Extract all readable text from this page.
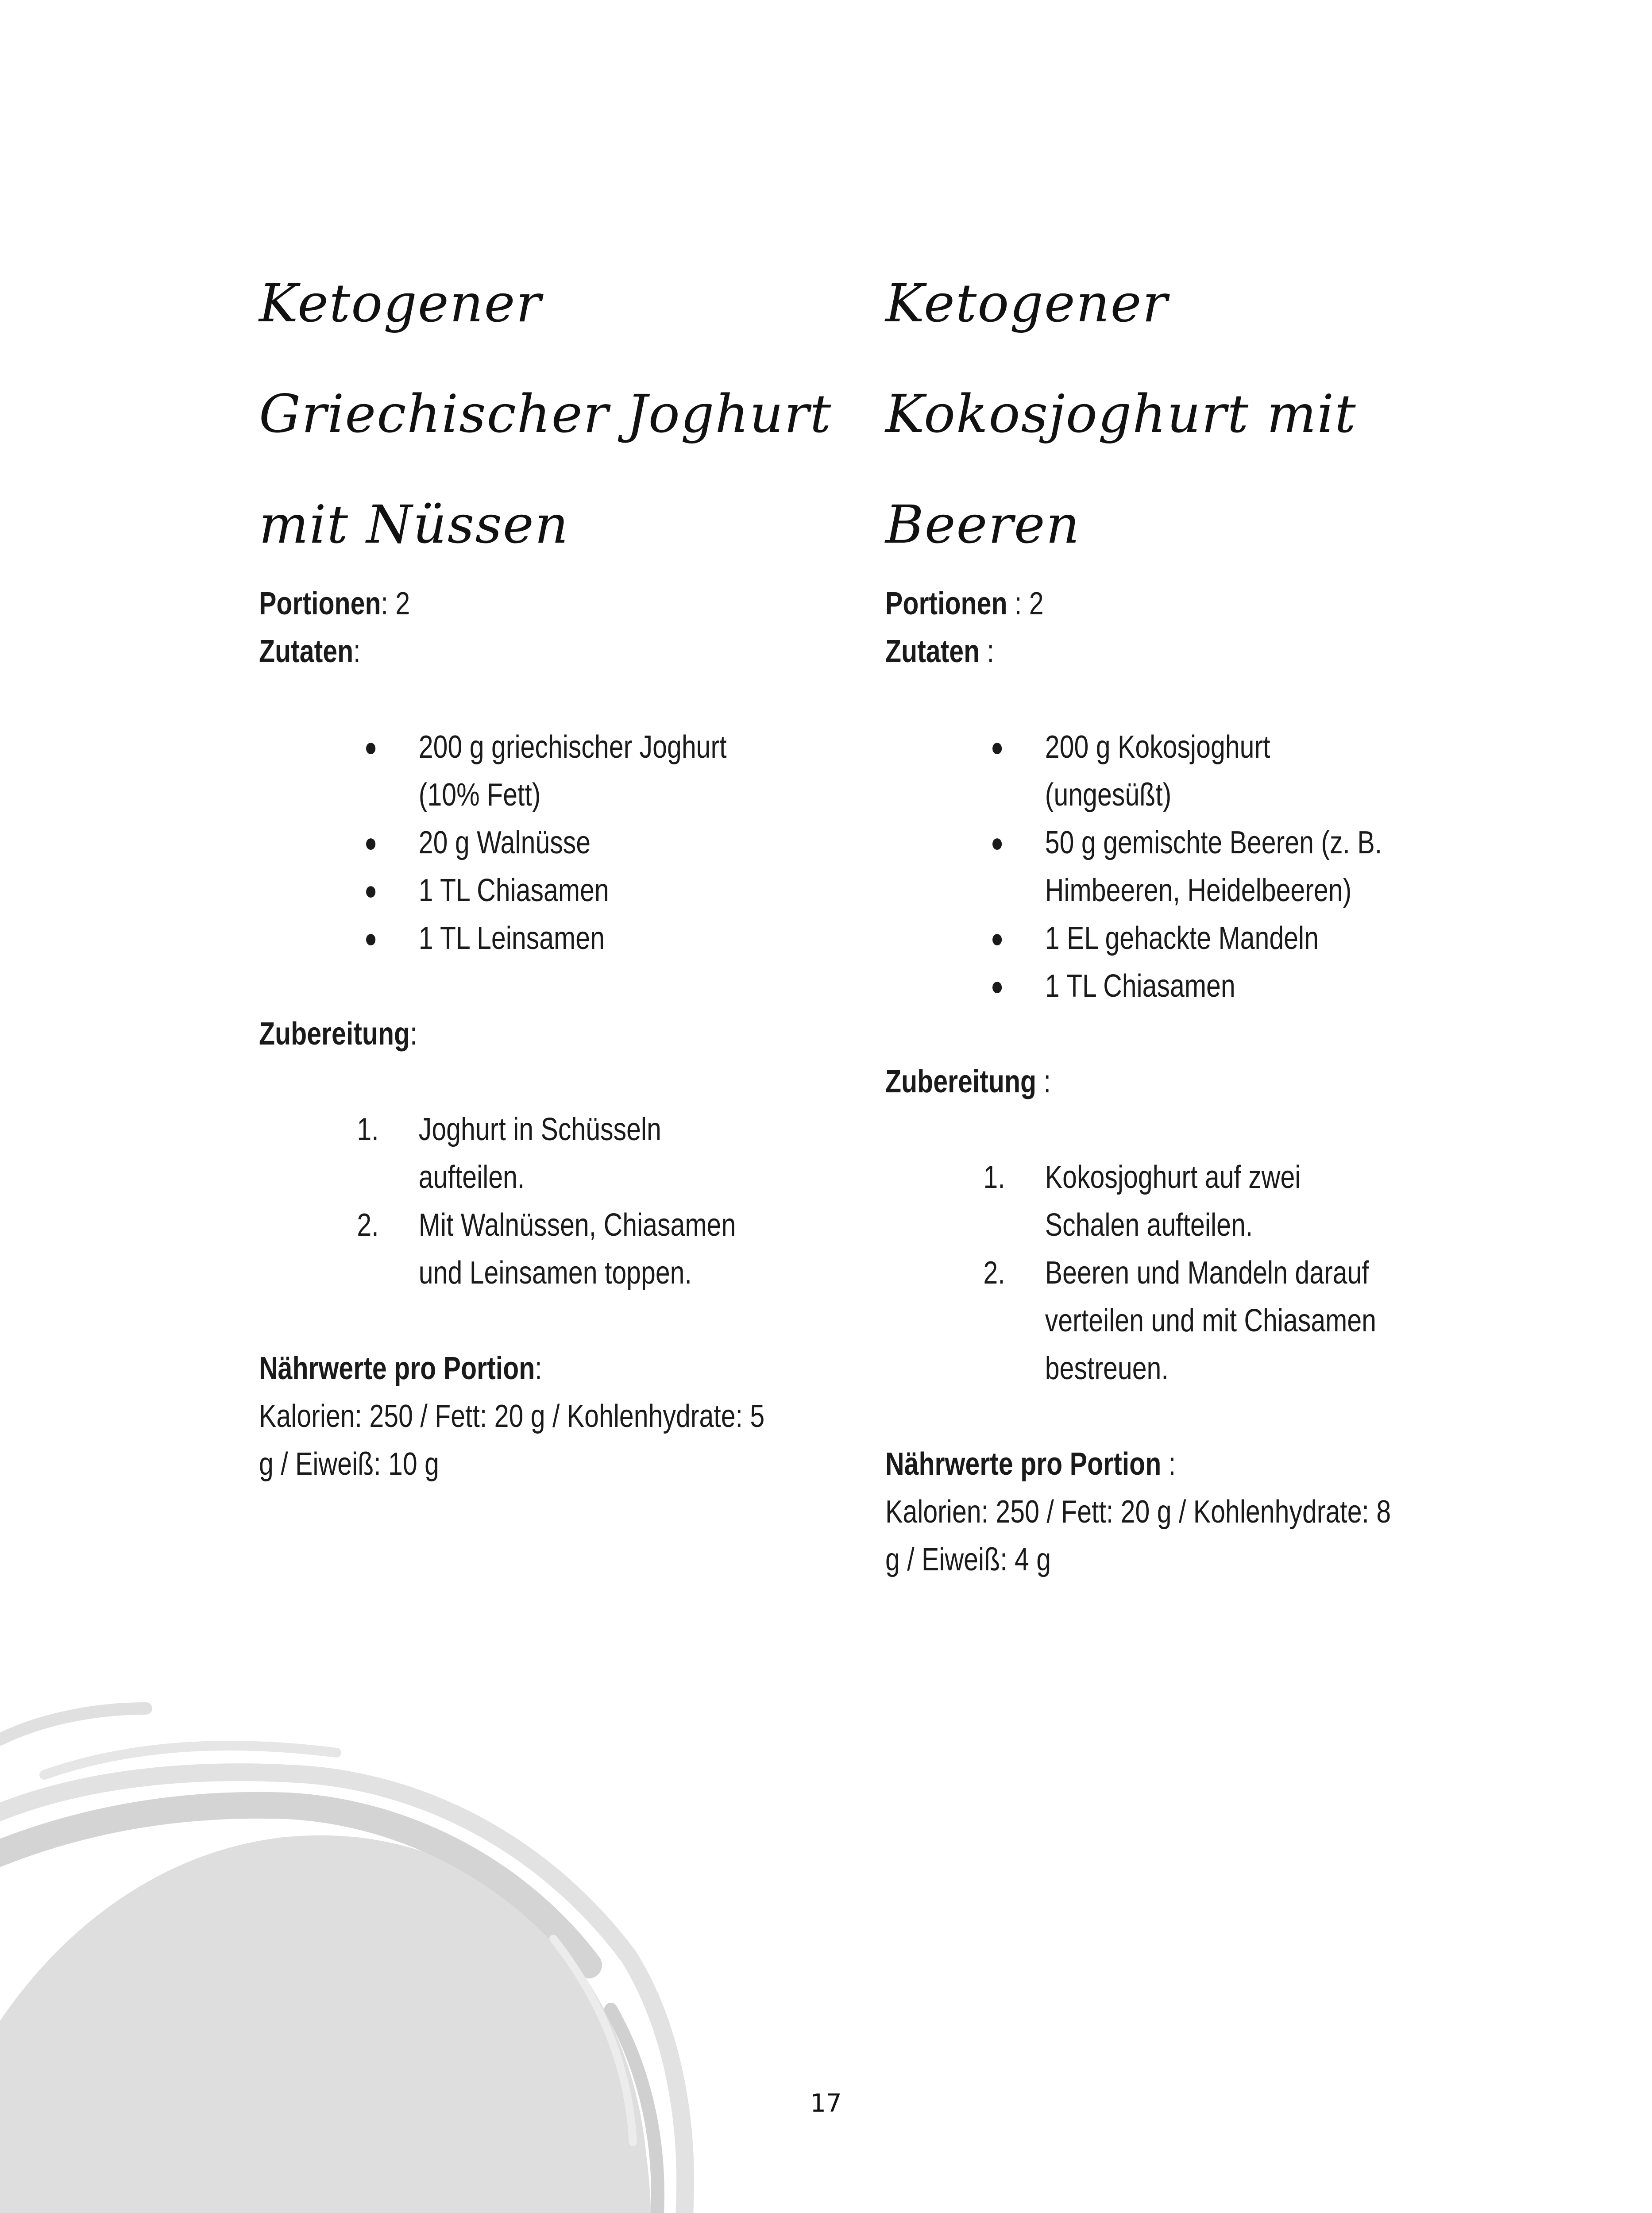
Ketogener
Griechischer Joghurt
mit Nüssen
Portionen: 2
Zutaten:
● 200 g griechischer Joghurt (10% Fett)
● 20 g Walnüsse
● 1 TL Chiasamen
● 1 TL Leinsamen
Zubereitung:
1. Joghurt in Schüsseln aufteilen.
2. Mit Walnüssen, Chiasamen und Leinsamen toppen.
Nährwerte pro Portion:
Kalorien: 250 / Fett: 20 g / Kohlenhydrate: 5 g / Eiweiß: 10 g
Ketogener
Kokosjoghurt mit
Beeren
Portionen : 2
Zutaten :
● 200 g Kokosjoghurt (ungesüßt)
● 50 g gemischte Beeren (z. B. Himbeeren, Heidelbeeren)
● 1 EL gehackte Mandeln
● 1 TL Chiasamen
Zubereitung :
1. Kokosjoghurt auf zwei Schalen aufteilen.
2. Beeren und Mandeln darauf verteilen und mit Chiasamen bestreuen.
Nährwerte pro Portion :
Kalorien: 250 / Fett: 20 g / Kohlenhydrate: 8 g / Eiweiß: 4 g
17
